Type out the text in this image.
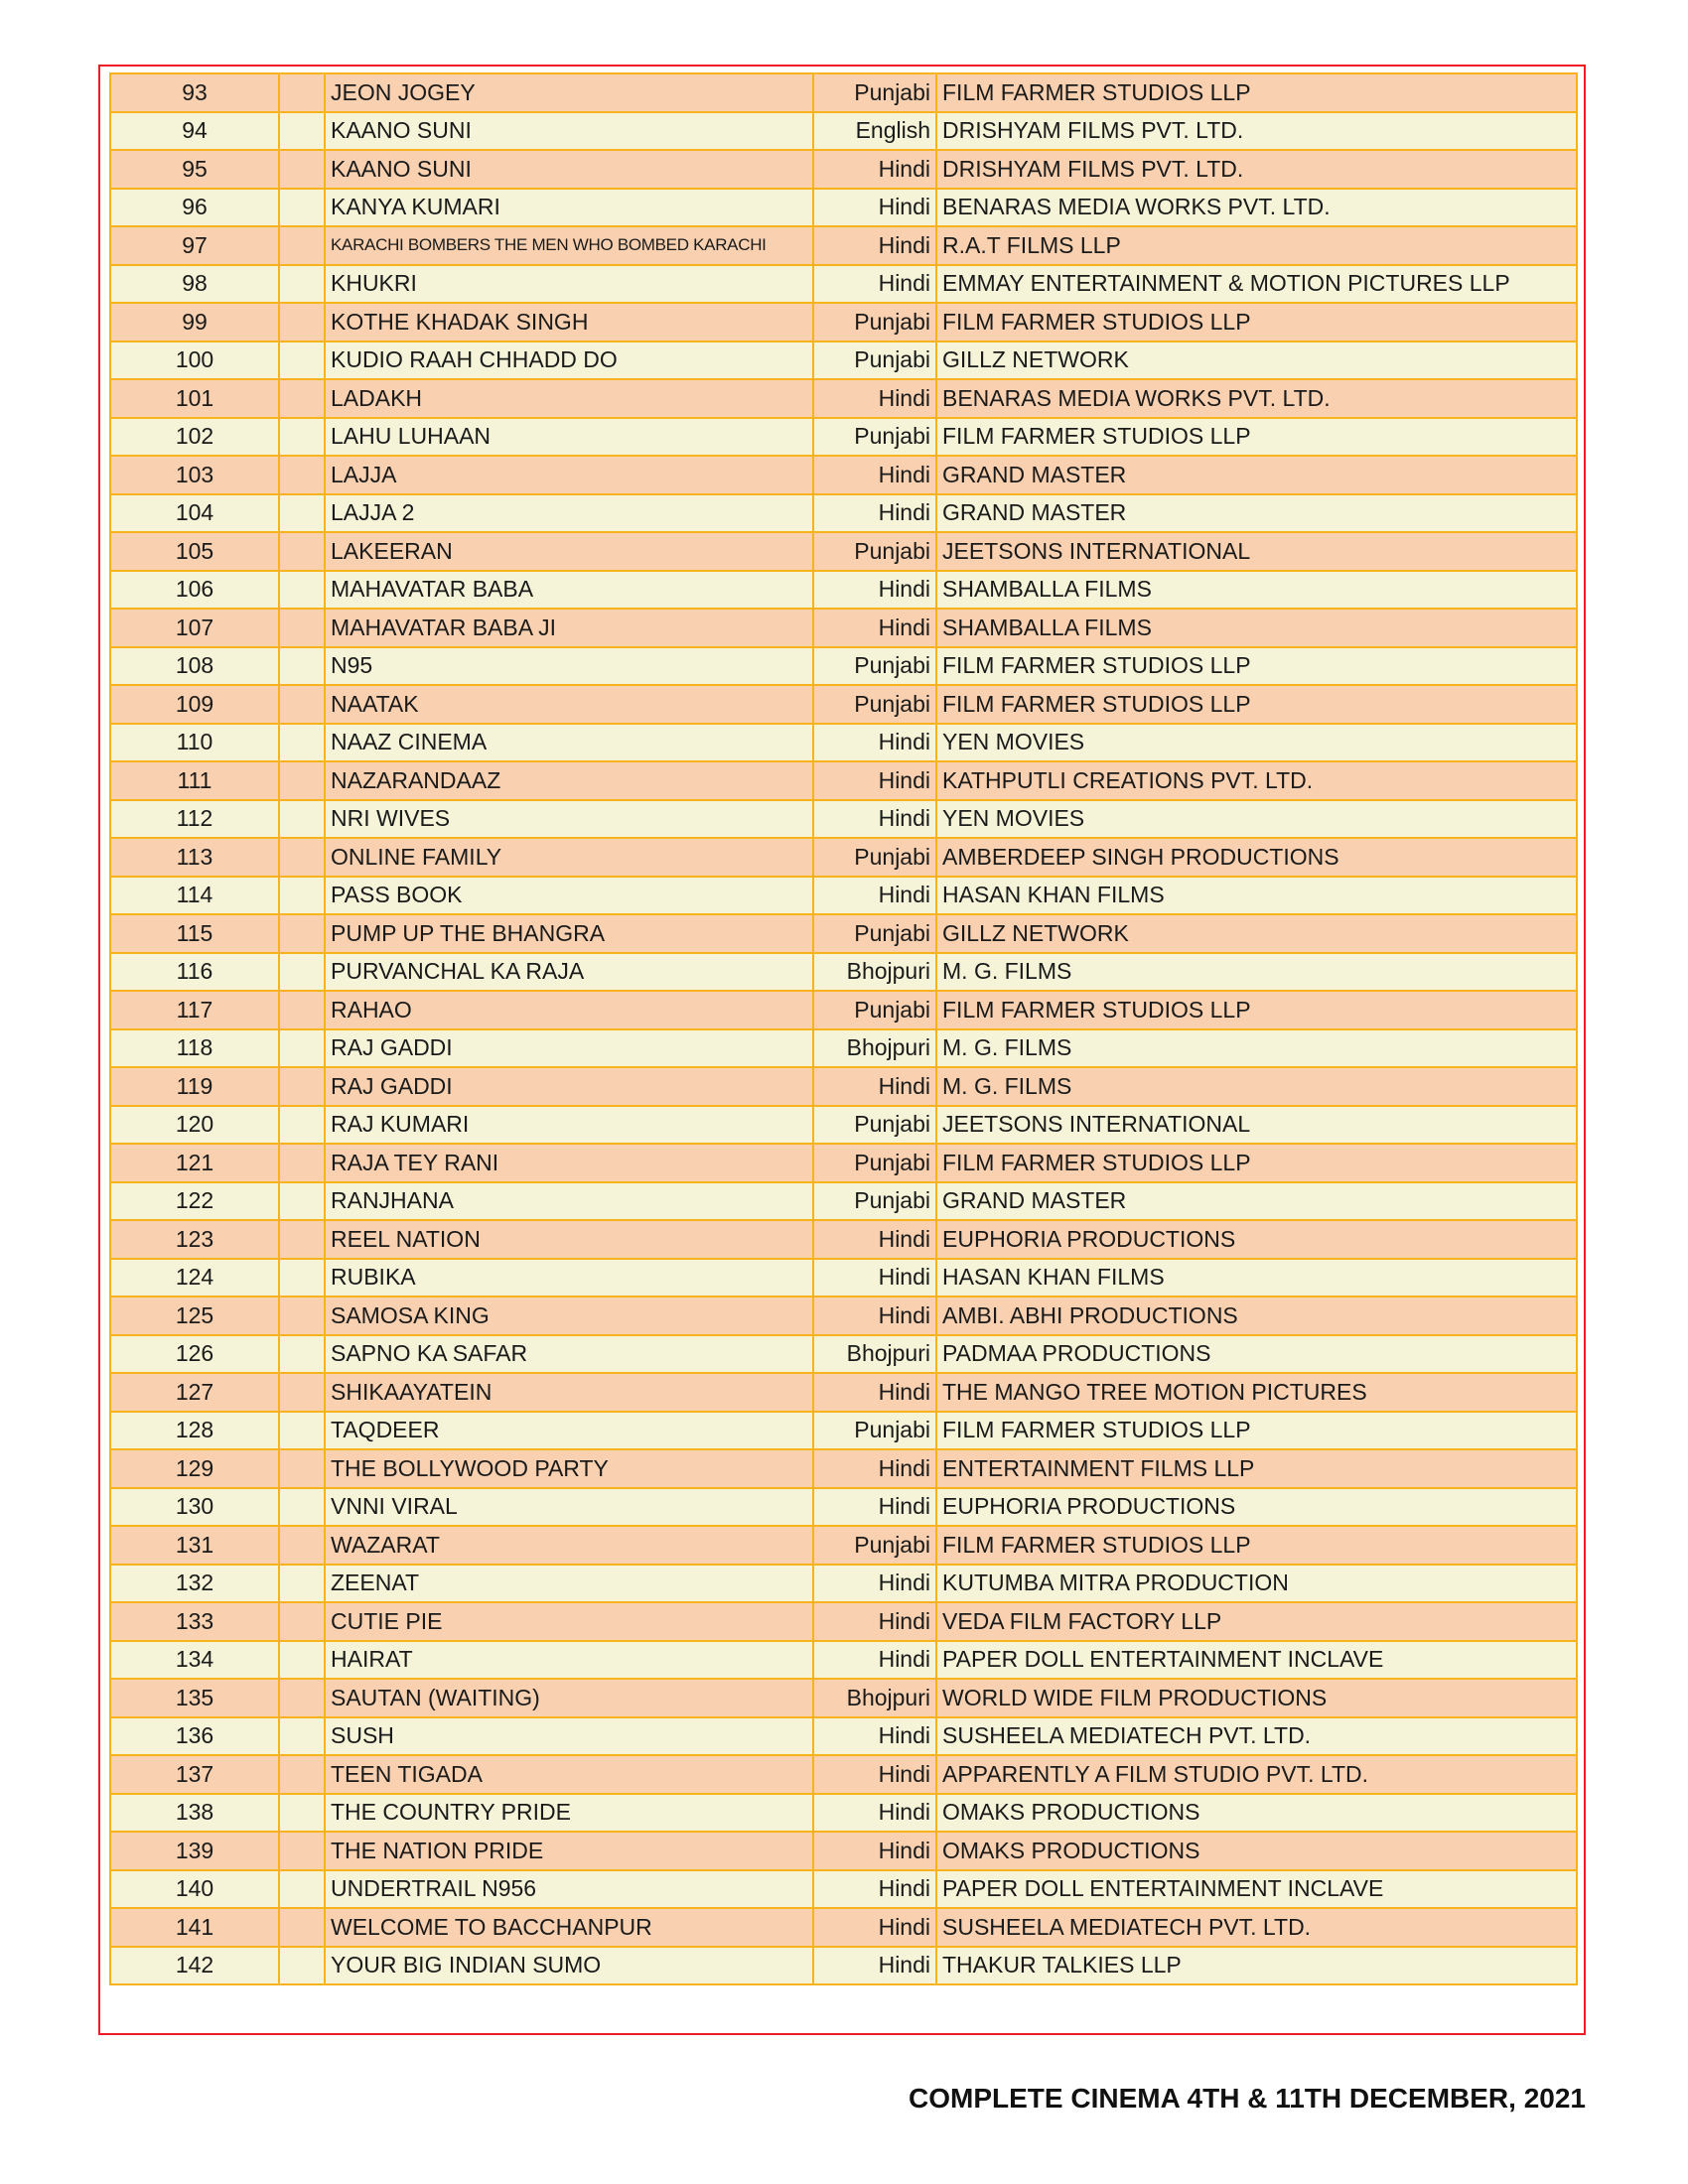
93		JEON JOGEY	Punjabi	FILM FARMER STUDIOS LLP
94		KAANO SUNI	English	DRISHYAM FILMS PVT. LTD.
95		KAANO SUNI	Hindi	DRISHYAM FILMS PVT. LTD.
96		KANYA KUMARI	Hindi	BENARAS MEDIA WORKS PVT. LTD.
97		KARACHI BOMBERS THE MEN WHO BOMBED KARACHI	Hindi	R.A.T FILMS LLP
98		KHUKRI	Hindi	EMMAY ENTERTAINMENT & MOTION PICTURES LLP
99		KOTHE KHADAK SINGH	Punjabi	FILM FARMER STUDIOS LLP
100		KUDIO RAAH CHHADD DO	Punjabi	GILLZ NETWORK
101		LADAKH	Hindi	BENARAS MEDIA WORKS PVT. LTD.
102		LAHU LUHAAN	Punjabi	FILM FARMER STUDIOS LLP
103		LAJJA	Hindi	GRAND MASTER
104		LAJJA 2	Hindi	GRAND MASTER
105		LAKEERAN	Punjabi	JEETSONS INTERNATIONAL
106		MAHAVATAR BABA	Hindi	SHAMBALLA FILMS
107		MAHAVATAR BABA JI	Hindi	SHAMBALLA FILMS
108		N95	Punjabi	FILM FARMER STUDIOS LLP
109		NAATAK	Punjabi	FILM FARMER STUDIOS LLP
110		NAAZ CINEMA	Hindi	YEN MOVIES
111		NAZARANDAAZ	Hindi	KATHPUTLI CREATIONS PVT. LTD.
112		NRI WIVES	Hindi	YEN MOVIES
113		ONLINE FAMILY	Punjabi	AMBERDEEP SINGH PRODUCTIONS
114		PASS BOOK	Hindi	HASAN KHAN FILMS
115		PUMP UP THE BHANGRA	Punjabi	GILLZ NETWORK
116		PURVANCHAL KA RAJA	Bhojpuri	M. G. FILMS
117		RAHAO	Punjabi	FILM FARMER STUDIOS LLP
118		RAJ GADDI	Bhojpuri	M. G. FILMS
119		RAJ GADDI	Hindi	M. G. FILMS
120		RAJ KUMARI	Punjabi	JEETSONS INTERNATIONAL
121		RAJA TEY RANI	Punjabi	FILM FARMER STUDIOS LLP
122		RANJHANA	Punjabi	GRAND MASTER
123		REEL NATION	Hindi	EUPHORIA PRODUCTIONS
124		RUBIKA	Hindi	HASAN KHAN FILMS
125		SAMOSA KING	Hindi	AMBI. ABHI PRODUCTIONS
126		SAPNO KA SAFAR	Bhojpuri	PADMAA PRODUCTIONS
127		SHIKAAYATEIN	Hindi	THE MANGO TREE MOTION PICTURES
128		TAQDEER	Punjabi	FILM FARMER STUDIOS LLP
129		THE BOLLYWOOD PARTY	Hindi	ENTERTAINMENT FILMS LLP
130		VNNI VIRAL	Hindi	EUPHORIA PRODUCTIONS
131		WAZARAT	Punjabi	FILM FARMER STUDIOS LLP
132		ZEENAT	Hindi	KUTUMBA MITRA PRODUCTION
133		CUTIE PIE	Hindi	VEDA FILM FACTORY LLP
134		HAIRAT	Hindi	PAPER DOLL ENTERTAINMENT INCLAVE
135		SAUTAN (WAITING)	Bhojpuri	WORLD WIDE FILM PRODUCTIONS
136		SUSH	Hindi	SUSHEELA MEDIATECH PVT. LTD.
137		TEEN TIGADA	Hindi	APPARENTLY A FILM STUDIO PVT. LTD.
138		THE COUNTRY PRIDE	Hindi	OMAKS PRODUCTIONS
139		THE NATION PRIDE	Hindi	OMAKS PRODUCTIONS
140		UNDERTRAIL N956	Hindi	PAPER DOLL ENTERTAINMENT INCLAVE
141		WELCOME TO BACCHANPUR	Hindi	SUSHEELA MEDIATECH PVT. LTD.
142		YOUR BIG INDIAN SUMO	Hindi	THAKUR TALKIES LLP
COMPLETE CINEMA 4TH & 11TH DECEMBER, 2021
